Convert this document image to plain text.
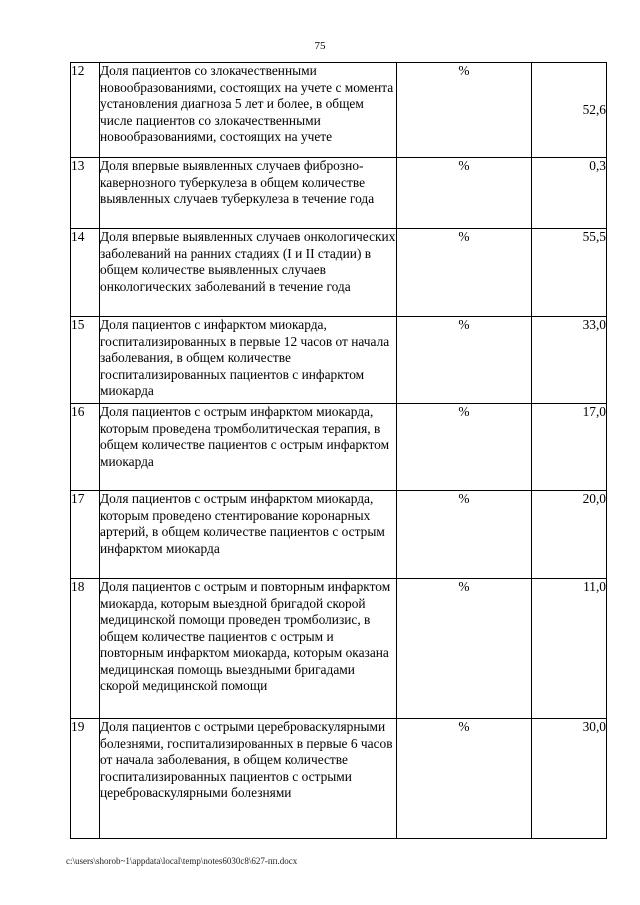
75
12	Доля пациентов со злокачественными новообразованиями, состоящих на учете с момента установления диагноза 5 лет и более, в общем числе пациентов со злокачественными новообразованиями, состоящих на учете	%	52,6
13	Доля впервые выявленных случаев фиброзно-кавернозного туберкулеза в общем количестве выявленных случаев туберкулеза в течение года	%	0,3
14	Доля впервые выявленных случаев онкологических заболеваний на ранних стадиях (I и II стадии) в общем количестве выявленных случаев онкологических заболеваний в течение года	%	55,5
15	Доля пациентов с инфарктом миокарда, госпитализированных в первые 12 часов от начала заболевания, в общем количестве госпитализированных пациентов с инфарктом миокарда	%	33,0
16	Доля пациентов с острым инфарктом миокарда, которым проведена тромболитическая терапия, в общем количестве пациентов с острым инфарктом миокарда	%	17,0
17	Доля пациентов с острым инфарктом миокарда, которым проведено стентирование коронарных артерий, в общем количестве пациентов с острым инфарктом миокарда	%	20,0
18	Доля пациентов с острым и повторным инфарктом миокарда, которым выездной бригадой скорой медицинской помощи проведен тромболизис, в общем количестве пациентов с острым и повторным инфарктом миокарда, которым оказана медицинская помощь выездными бригадами скорой медицинской помощи	%	11,0
19	Доля пациентов с острыми цереброваскулярными болезнями, госпитализированных в первые 6 часов от начала заболевания, в общем количестве госпитализированных пациентов с острыми цереброваскулярными болезнями	%	30,0
c:\users\shorob~1\appdata\local\temp\notes6030c8\627-пп.docx
